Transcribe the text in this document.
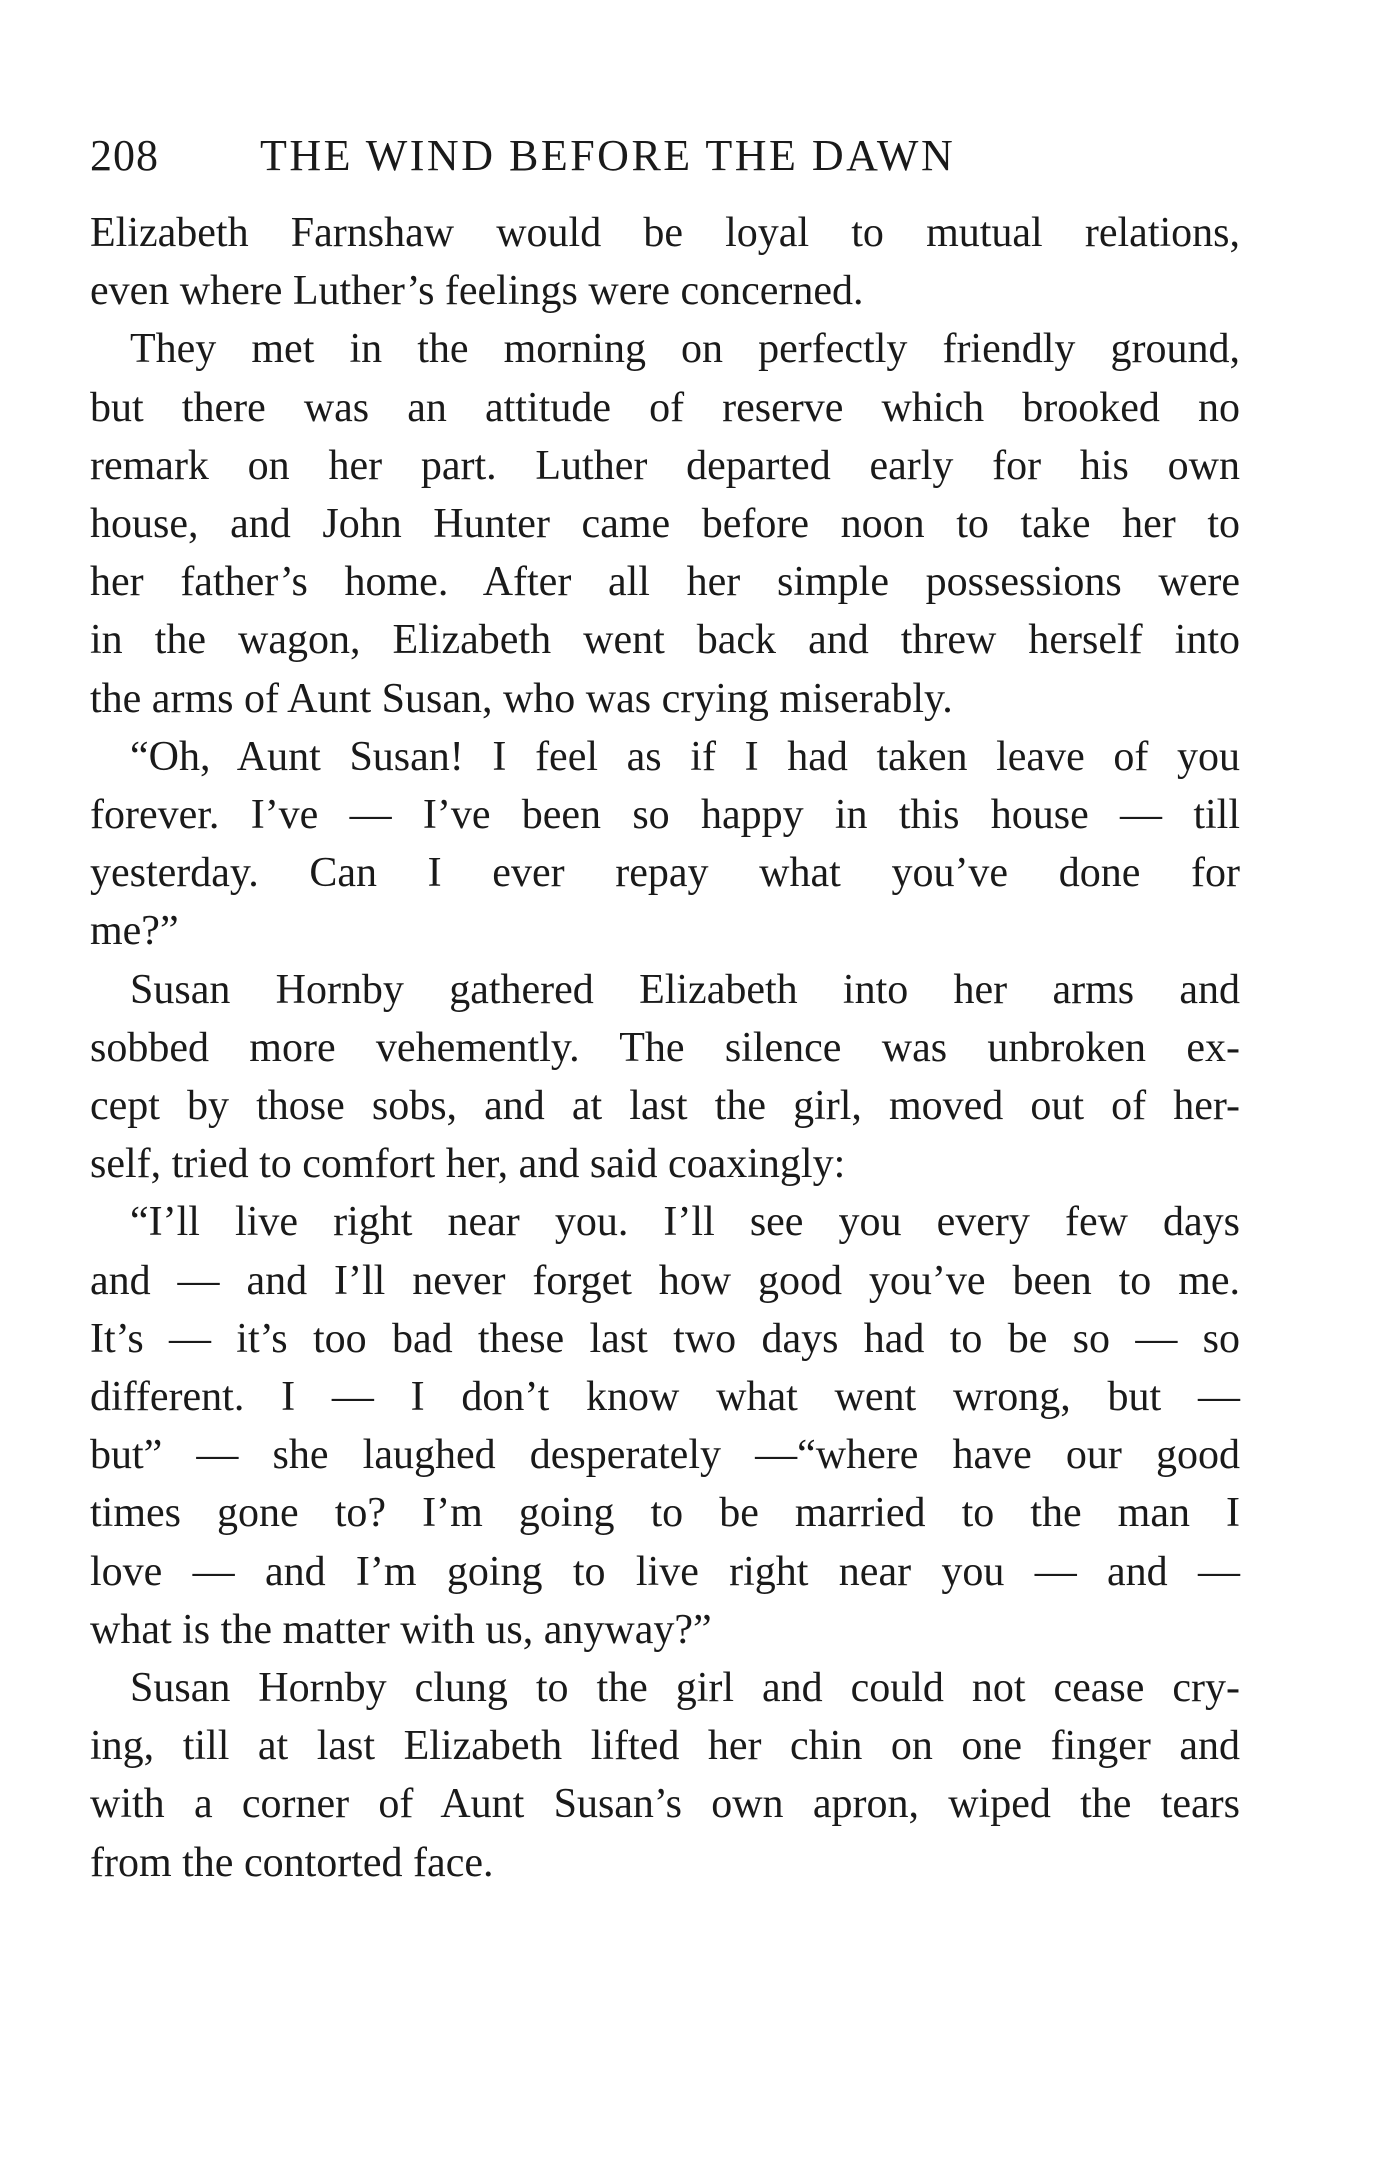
208	THE WIND BEFORE THE DAWN

Elizabeth Farnshaw would be loyal to mutual relations,
even where Luther’s feelings were concerned.

They met in the morning on perfectly friendly ground,
but there was an attitude of reserve which brooked no
remark on her part. Luther departed early for his own
house, and John Hunter came before noon to take her to
her father’s home. After all her simple possessions were
in the wagon, Elizabeth went back and threw herself into
the arms of Aunt Susan, who was crying miserably.

“Oh, Aunt Susan! I feel as if I had taken leave of you
forever. I’ve — I’ve been so happy in this house — till
yesterday. Can I ever repay what you’ve done for
me?”

Susan Hornby gathered Elizabeth into her arms and
sobbed more vehemently. The silence was unbroken ex-
cept by those sobs, and at last the girl, moved out of her-
self, tried to comfort her, and said coaxingly:

“I’ll live right near you. I’ll see you every few days
and — and I’ll never forget how good you’ve been to me.
It’s — it’s too bad these last two days had to be so — so
different. I — I don’t know what went wrong, but —
but” — she laughed desperately —“where have our good
times gone to? I’m going to be married to the man I
love — and I’m going to live right near you — and —
what is the matter with us, anyway?”

Susan Hornby clung to the girl and could not cease cry-
ing, till at last Elizabeth lifted her chin on one finger and
with a corner of Aunt Susan’s own apron, wiped the tears
from the contorted face.
